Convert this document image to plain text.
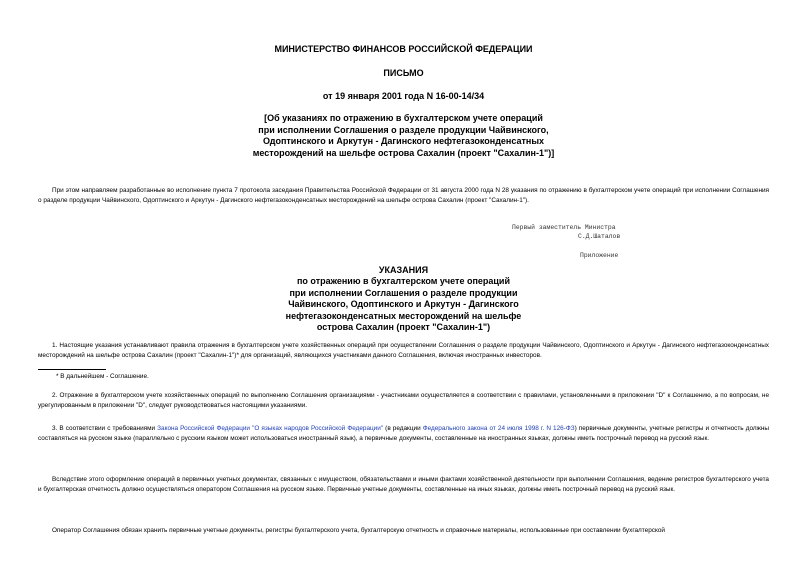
МИНИСТЕРСТВО ФИНАНСОВ РОССИЙСКОЙ ФЕДЕРАЦИИ
ПИСЬМО
от 19 января 2001 года N 16-00-14/34
[Об указаниях по отражению в бухгалтерском учете операций
при исполнении Соглашения о разделе продукции Чайвинского,
Одоптинского и Аркутун - Дагинского нефтегазоконденсатных
месторождений на шельфе острова Сахалин (проект "Сахалин-1")]
При этом направляем разработанные во исполнение пункта 7 протокола заседания Правительства Российской Федерации от 31 августа 2000 года N 28 указания по отражению в бухгалтерском учете операций при исполнении Соглашения о разделе продукции Чайвинского, Одоптинского и Аркутун - Дагинского нефтегазоконденсатных месторождений на шельфе острова Сахалин (проект "Сахалин-1").
Первый заместитель Министра
С.Д.Шаталов
Приложение
УКАЗАНИЯ
по отражению в бухгалтерском учете операций
при исполнении Соглашения о разделе продукции
Чайвинского, Одоптинского и Аркутун - Дагинского
нефтегазоконденсатных месторождений на шельфе
острова Сахалин (проект "Сахалин-1")
1. Настоящие указания устанавливают правила отражения в бухгалтерском учете хозяйственных операций при осуществлении Соглашения о разделе продукции Чайвинского, Одоптинского и Аркутун - Дагинского нефтегазоконденсатных месторождений на шельфе острова Сахалин (проект "Сахалин-1")* для организаций, являющихся участниками данного Соглашения, включая иностранных инвесторов.
* В дальнейшем - Соглашение.
2. Отражение в бухгалтерском учете хозяйственных операций по выполнению Соглашения организациями - участниками осуществляется в соответствии с правилами, установленными в приложении "D" к Соглашению, а по вопросам, не урегулированным в приложении "D", следует руководствоваться настоящими указаниями.
3. В соответствии с требованиями Закона Российской Федерации "О языках народов Российской Федерации" (в редакции Федерального закона от 24 июля 1998 г. N 126-ФЗ) первичные документы, учетные регистры и отчетность должны составляться на русском языке (параллельно с русским языком может использоваться иностранный язык), а первичные документы, составленные на иностранных языках, должны иметь построчный перевод на русский язык.
Вследствие этого оформление операций в первичных учетных документах, связанных с имуществом, обязательствами и иными фактами хозяйственной деятельности при выполнении Соглашения, ведение регистров бухгалтерского учета и бухгалтерская отчетность должно осуществляться оператором Соглашения на русском языке. Первичные учетные документы, составленные на иных языках, должны иметь построчный перевод на русский язык.
Оператор Соглашения обязан хранить первичные учетные документы, регистры бухгалтерского учета, бухгалтерскую отчетность и справочные материалы, использованные при составлении бухгалтерской
